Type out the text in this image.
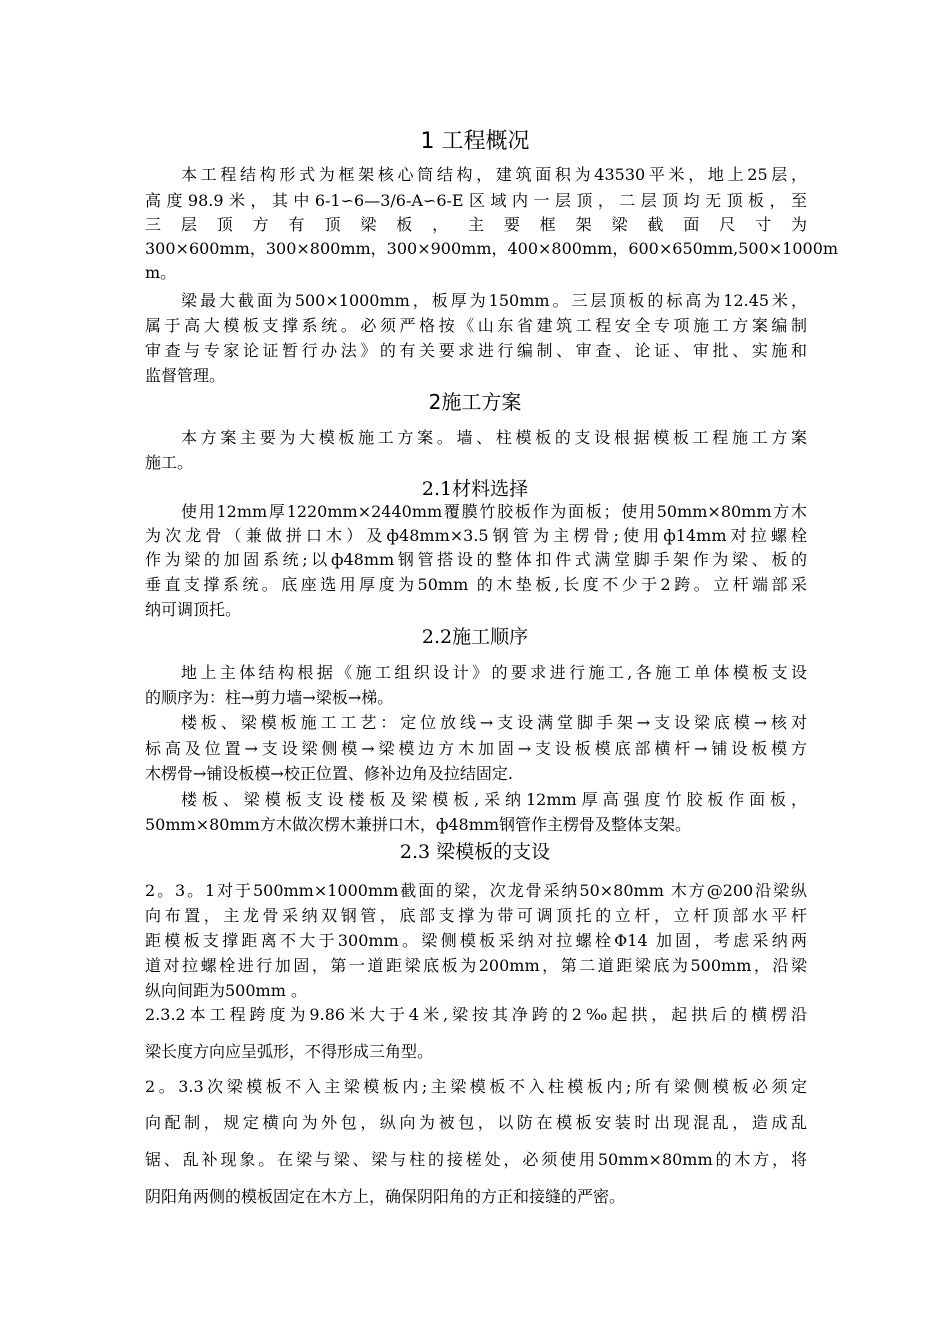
1 工程概况
本工程结构形式为框架核心筒结构，建筑面积为43530平米，地上25层，
高度98.9米，其中6-1∽6—3/6-A∽6-E区域内一层顶，二层顶均无顶板，至
三 层 顶 方 有 顶 梁 板 ， 主 要 框 架 梁 截 面 尺 寸 为
300×600mm，300×800mm，300×900mm，400×800mm，600×650mm,500×1000m
m。
梁最大截面为500×1000mm，板厚为150mm。三层顶板的标高为12.45米，
属于高大模板支撑系统。必须严格按《山东省建筑工程安全专项施工方案编制
审查与专家论证暂行办法》的有关要求进行编制、审查、论证、审批、实施和
监督管理。
2施工方案
本方案主要为大模板施工方案。墙、柱模板的支设根据模板工程施工方案
施工。
2.1材料选择
使用12mm厚1220mm×2440mm覆膜竹胶板作为面板；使用50mm×80mm方木
为次龙骨（兼做拼口木）及ф48mm×3.5钢管为主楞骨;使用ф14mm对拉螺栓
作为梁的加固系统;以ф48mm钢管搭设的整体扣件式满堂脚手架作为梁、板的
垂直支撑系统。底座选用厚度为50mm 的木垫板,长度不少于2跨。立杆端部采
纳可调顶托。
2.2施工顺序
地上主体结构根据《施工组织设计》的要求进行施工,各施工单体模板支设
的顺序为：柱→剪力墙→梁板→梯。
楼板、梁模板施工工艺：定位放线→支设满堂脚手架→支设梁底模→核对
标高及位置→支设梁侧模→梁模边方木加固→支设板模底部横杆→铺设板模方
木楞骨→铺设板模→校正位置、修补边角及拉结固定.
楼板、梁模板支设楼板及梁模板,采纳12mm厚高强度竹胶板作面板，
50mm×80mm方木做次楞木兼拼口木，ф48mm钢管作主楞骨及整体支架。
2.3 梁模板的支设
2。3。1对于500mm×1000mm截面的梁，次龙骨采纳50×80mm 木方@200沿梁纵
向布置，主龙骨采纳双钢管，底部支撑为带可调顶托的立杆，立杆顶部水平杆
距模板支撑距离不大于300mm。梁侧模板采纳对拉螺栓Φ14 加固，考虑采纳两
道对拉螺栓进行加固，第一道距梁底板为200mm，第二道距梁底为500mm，沿梁
纵向间距为500mm 。
2.3.2本工程跨度为9.86米大于4米,梁按其净跨的2‰起拱，起拱后的横楞沿
梁长度方向应呈弧形，不得形成三角型。
2。3.3次梁模板不入主梁模板内;主梁模板不入柱模板内;所有梁侧模板必须定
向配制，规定横向为外包，纵向为被包，以防在模板安装时出现混乱，造成乱
锯、乱补现象。在梁与梁、梁与柱的接槎处，必须使用50mm×80mm的木方，将
阴阳角两侧的模板固定在木方上，确保阴阳角的方正和接缝的严密。
